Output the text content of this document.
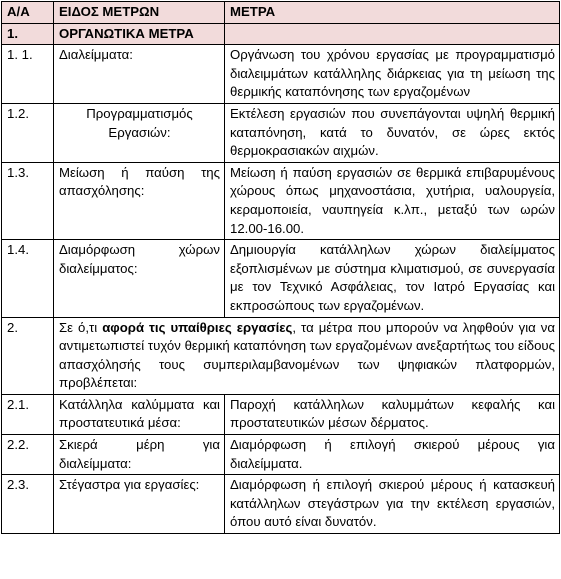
Α/Α	ΕΙΔΟΣ ΜΕΤΡΩΝ	ΜΕΤΡΑ
1.	ΟΡΓΑΝΩΤΙΚΑ ΜΕΤΡΑ	
1. 1.	Διαλείμματα:	Οργάνωση του χρόνου εργασίας με προγραμματισμό διαλειμμάτων κατάλληλης διάρκειας για τη μείωση της θερμικής καταπόνησης των εργαζομένων
1.2.	Προγραμματισμός Εργασιών:	Εκτέλεση εργασιών που συνεπάγονται υψηλή θερμική καταπόνηση, κατά το δυνατόν, σε ώρες εκτός θερμοκρασιακών αιχμών.
1.3.	Μείωση ή παύση της απασχόλησης:	Μείωση ή παύση εργασιών σε θερμικά επιβαρυμένους χώρους όπως μηχανοστάσια, χυτήρια, υαλουργεία, κεραμοποιεία, ναυπηγεία κ.λπ., μεταξύ των ωρών 12.00-16.00.
1.4.	Διαμόρφωση χώρων διαλείμματος:	Δημιουργία κατάλληλων χώρων διαλείμματος εξοπλισμένων με σύστημα κλιματισμού, σε συνεργασία με τον Τεχνικό Ασφάλειας, τον Ιατρό Εργασίας και εκπροσώπους των εργαζομένων.
2.	Σε ό,τι αφορά τις υπαίθριες εργασίες, τα μέτρα που μπορούν να ληφθούν για να αντιμετωπιστεί τυχόν θερμική καταπόνηση των εργαζομένων ανεξαρτήτως του είδους απασχόλησής τους συμπεριλαμβανομένων των ψηφιακών πλατφορμών, προβλέπεται:	
2.1.	Κατάλληλα καλύμματα και προστατευτικά μέσα:	Παροχή κατάλληλων καλυμμάτων κεφαλής και προστατευτικών μέσων δέρματος.
2.2.	Σκιερά μέρη για διαλείμματα:	Διαμόρφωση ή επιλογή σκιερού μέρους για διαλείμματα.
2.3.	Στέγαστρα για εργασίες:	Διαμόρφωση ή επιλογή σκιερού μέρους ή κατασκευή κατάλληλων στεγάστρων για την εκτέλεση εργασιών, όπου αυτό είναι δυνατόν.
